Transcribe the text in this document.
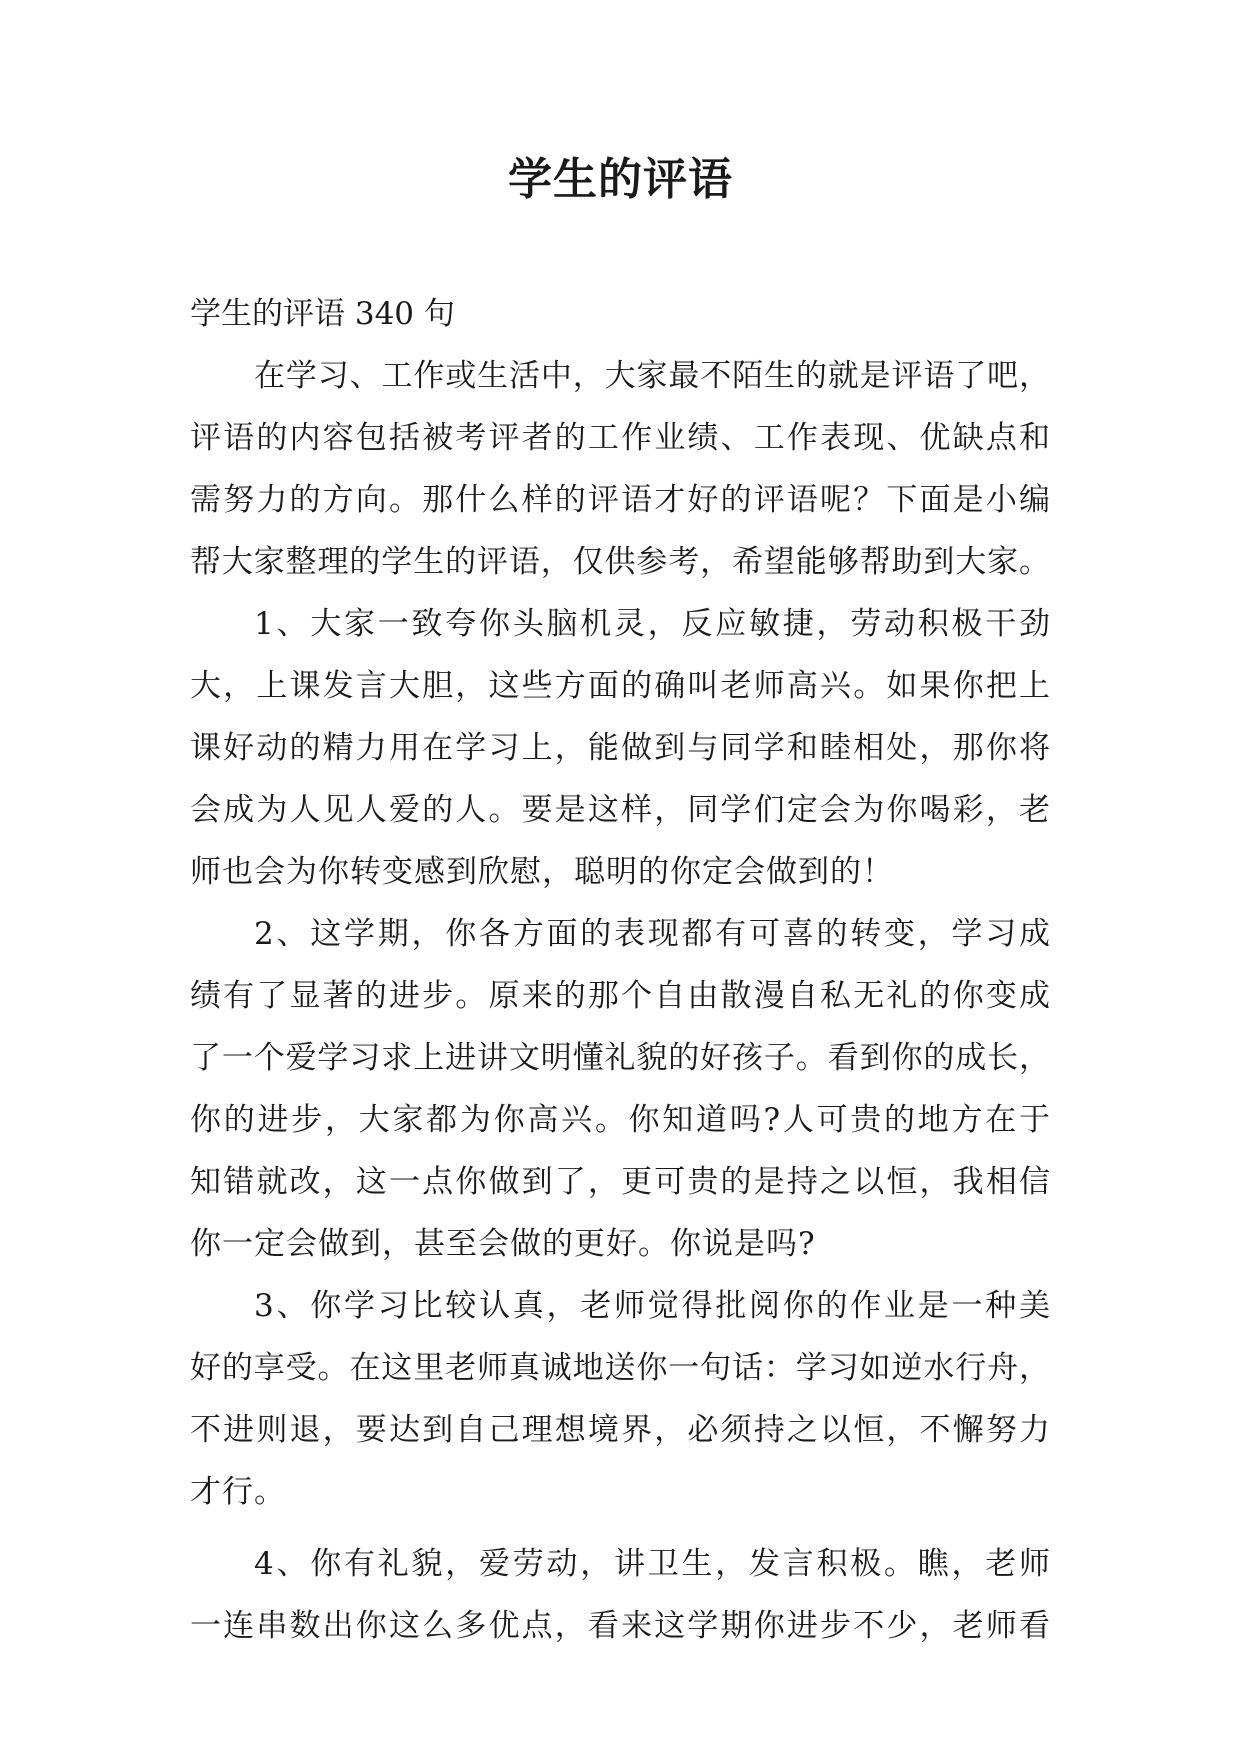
学生的评语
学生的评语 340 句
在学习、工作或生活中，大家最不陌生的就是评语了吧，
评语的内容包括被考评者的工作业绩、工作表现、优缺点和
需努力的方向。那什么样的评语才好的评语呢？下面是小编
帮大家整理的学生的评语，仅供参考，希望能够帮助到大家。
1、大家一致夸你头脑机灵，反应敏捷，劳动积极干劲
大，上课发言大胆，这些方面的确叫老师高兴。如果你把上
课好动的精力用在学习上，能做到与同学和睦相处，那你将
会成为人见人爱的人。要是这样，同学们定会为你喝彩，老
师也会为你转变感到欣慰，聪明的你定会做到的！
2、这学期，你各方面的表现都有可喜的转变，学习成
绩有了显著的进步。原来的那个自由散漫自私无礼的你变成
了一个爱学习求上进讲文明懂礼貌的好孩子。看到你的成长，
你的进步，大家都为你高兴。你知道吗?人可贵的地方在于
知错就改，这一点你做到了，更可贵的是持之以恒，我相信
你一定会做到，甚至会做的更好。你说是吗?
3、你学习比较认真，老师觉得批阅你的作业是一种美
好的享受。在这里老师真诚地送你一句话：学习如逆水行舟，
不进则退，要达到自己理想境界，必须持之以恒，不懈努力
才行。
4、你有礼貌，爱劳动，讲卫生，发言积极。瞧，老师
一连串数出你这么多优点，看来这学期你进步不少，老师看
